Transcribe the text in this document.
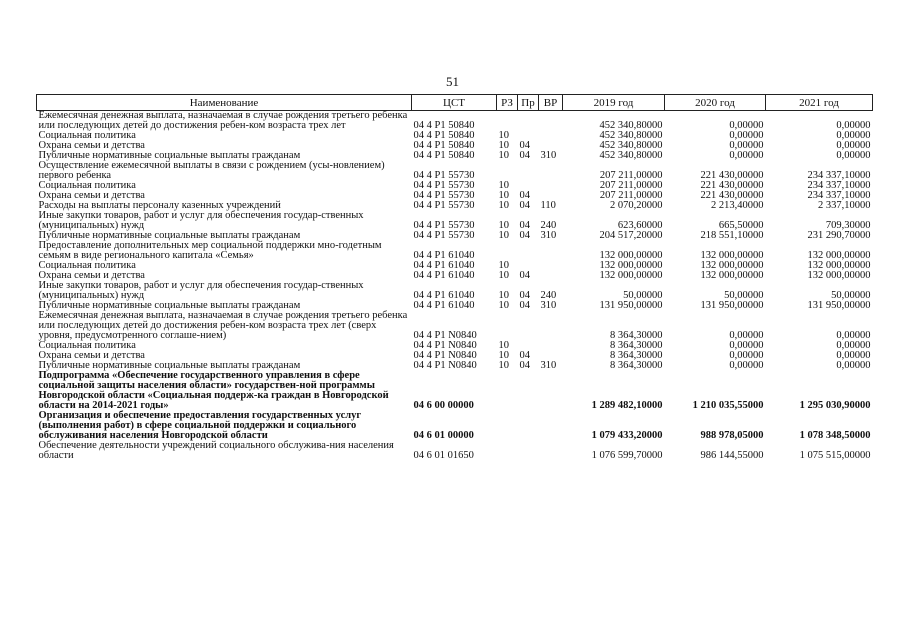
51
Наименование	ЦСТ	РЗ	Пр	ВР	2019 год	2020 год	2021 год
Ежемесячная денежная выплата, назначаемая в случае рождения третьего ребенка или последующих детей до достижения ребен-ком возраста трех лет	04 4 P1 50840				452 340,80000	0,00000	0,00000
Социальная политика	04 4 P1 50840	10			452 340,80000	0,00000	0,00000
Охрана семьи и детства	04 4 P1 50840	10	04		452 340,80000	0,00000	0,00000
Публичные нормативные социальные выплаты гражданам	04 4 P1 50840	10	04	310	452 340,80000	0,00000	0,00000
Осуществление ежемесячной выплаты в связи с рождением (усы-новлением) первого ребенка	04 4 P1 55730				207 211,00000	221 430,00000	234 337,10000
Социальная политика	04 4 P1 55730	10			207 211,00000	221 430,00000	234 337,10000
Охрана семьи и детства	04 4 P1 55730	10	04		207 211,00000	221 430,00000	234 337,10000
Расходы на выплаты персоналу казенных учреждений	04 4 P1 55730	10	04	110	2 070,20000	2 213,40000	2 337,10000
Иные закупки товаров, работ и услуг для обеспечения государ-ственных (муниципальных) нужд	04 4 P1 55730	10	04	240	623,60000	665,50000	709,30000
Публичные нормативные социальные выплаты гражданам	04 4 P1 55730	10	04	310	204 517,20000	218 551,10000	231 290,70000
Предоставление дополнительных мер социальной поддержки мно-годетным семьям в виде регионального капитала «Семья»	04 4 P1 61040				132 000,00000	132 000,00000	132 000,00000
Социальная политика	04 4 P1 61040	10			132 000,00000	132 000,00000	132 000,00000
Охрана семьи и детства	04 4 P1 61040	10	04		132 000,00000	132 000,00000	132 000,00000
Иные закупки товаров, работ и услуг для обеспечения государ-ственных (муниципальных) нужд	04 4 P1 61040	10	04	240	50,00000	50,00000	50,00000
Публичные нормативные социальные выплаты гражданам	04 4 P1 61040	10	04	310	131 950,00000	131 950,00000	131 950,00000
Ежемесячная денежная выплата, назначаемая в случае рождения третьего ребенка или последующих детей до достижения ребен-ком возраста трех лет (сверх уровня, предусмотренного соглаше-нием)	04 4 P1 N0840				8 364,30000	0,00000	0,00000
Социальная политика	04 4 P1 N0840	10			8 364,30000	0,00000	0,00000
Охрана семьи и детства	04 4 P1 N0840	10	04		8 364,30000	0,00000	0,00000
Публичные нормативные социальные выплаты гражданам	04 4 P1 N0840	10	04	310	8 364,30000	0,00000	0,00000
Подпрограмма «Обеспечение государственного управления в сфере социальной защиты населения области» государствен-ной программы Новгородской области «Социальная поддерж-ка граждан в Новгородской области на 2014-2021 годы»	04 6 00 00000				1 289 482,10000	1 210 035,55000	1 295 030,90000
Организация и обеспечение предоставления государственных услуг (выполнения работ) в сфере социальной поддержки и социального обслуживания населения Новгородской области	04 6 01 00000				1 079 433,20000	988 978,05000	1 078 348,50000
Обеспечение деятельности учреждений социального обслужива-ния населения области	04 6 01 01650				1 076 599,70000	986 144,55000	1 075 515,00000
